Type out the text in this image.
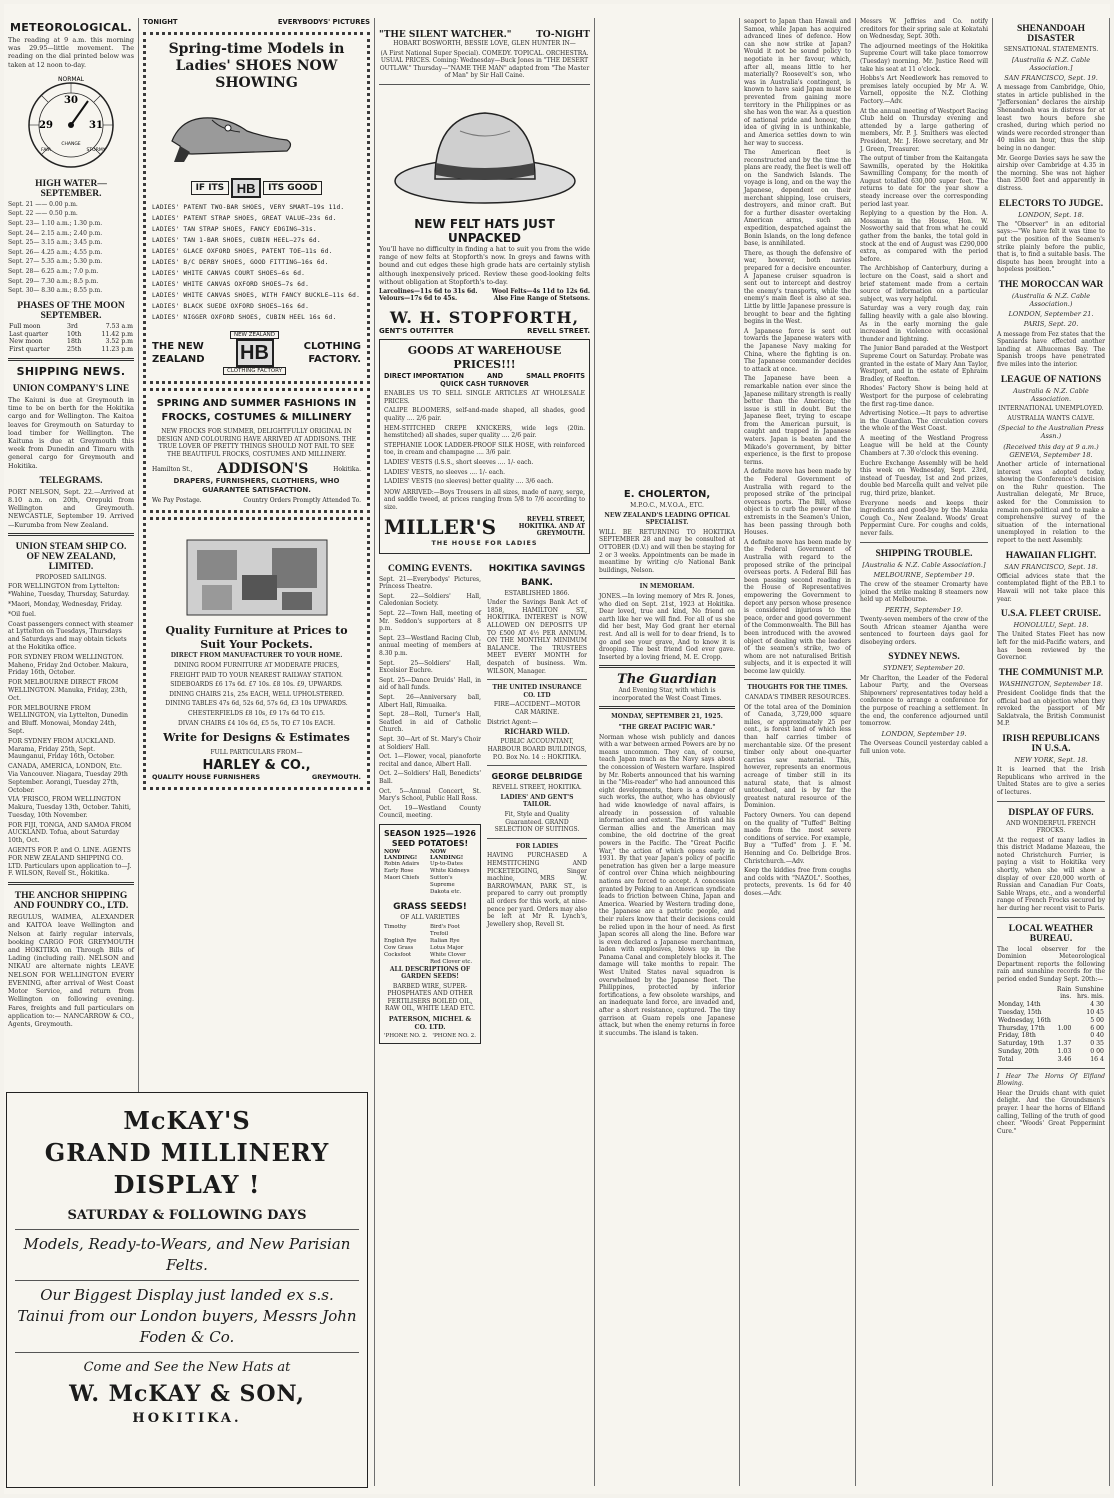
METEOROLOGICAL.

The reading at 9 a.m. this morning was 29.95—little movement. The reading on the dial printed below was taken at 12 noon to-day.

NORMAL
29
30
31
FAIR
CHANGE
STORMY
HIGH WATER—SEPTEMBER.

Sept. 21 —— 0.00 p.m.

Sept. 22 —— 0.50 p.m.

Sept. 23— 1.10 a.m.; 1.30 p.m.

Sept. 24— 2.15 a.m.; 2.40 p.m.

Sept. 25— 3.15 a.m.; 3.45 p.m.

Sept. 26— 4.25 a.m.; 4.55 p.m.

Sept. 27— 5.35 a.m.; 5.30 p.m.

Sept. 28— 6.25 a.m.; 7.0 p.m.

Sept. 29— 7.30 a.m.; 8.5 p.m.

Sept. 30— 8.30 a.m.; 8.55 p.m.

PHASES OF THE MOON SEPTEMBER.
Full moon	3rd	7.53 a.m
Last quarter	10th	11.42 p.m
New moon	18th	3.52 p.m
First quarter	25th	11.23 p.m
SHIPPING NEWS.
UNION COMPANY'S LINE

The Kaiuni is due at Greymouth in time to be on berth for the Hokitika cargo and for Wellington. The Kaitoa leaves for Greymouth on Saturday to load timber for Wellington. The Kaituna is due at Greymouth this week from Dunedin and Timaru with general cargo for Greymouth and Hokitika.

TELEGRAMS.

PORT NELSON, Sept. 22.—Arrived at 8.10 a.m. on 20th, Orepuki from Wellington and Greymouth. NEWCASTLE, September 19. Arrived—Kurumba from New Zealand.

UNION STEAM SHIP CO. OF NEW ZEALAND, LIMITED.

PROPOSED SAILINGS.

FOR WELLINGTON from Lyttelton: *Wahine, Tuesday, Thursday, Saturday.

*Maori, Monday, Wednesday, Friday.

*Oil fuel.

Coast passengers connect with steamer at Lyttelton on Tuesdays, Thursdays and Saturdays and may obtain tickets at the Hokitika office.

FOR SYDNEY FROM WELLINGTON. Maheno, Friday 2nd October. Makura, Friday 16th, October.

FOR MELBOURNE DIRECT FROM WELLINGTON. Manuka, Friday, 23th, Oct.

FOR MELBOURNE FROM WELLINGTON, via Lyttelton, Dunedin and Bluff. Monowai, Monday 24th, Sept.

FOR SYDNEY FROM AUCKLAND. Marama, Friday 25th, Sept. Maunganui, Friday 16th, October.

CANADA, AMERICA, LONDON, Etc. Via Vancouver. Niagara, Tuesday 29th September. Aorangi, Tuesday 27th, October.

VIA 'FRISCO, FROM WELLINGTON Makura, Tuesday 13th, October. Tahiti, Tuesday, 10th November.

FOR FIJI, TONGA, AND SAMOA FROM AUCKLAND. Tofua, about Saturday 10th, Oct.

AGENTS FOR P. and O. LINE. AGENTS FOR NEW ZEALAND SHIPPING CO. LTD. Particulars upon application to—J. F. WILSON, Revell St., Hokitika.

THE ANCHOR SHIPPING AND FOUNDRY CO., LTD.

REGULUS, WAIMEA, ALEXANDER and KAITOA leave Wellington and Nelson at fairly regular intervals, booking CARGO FOR GREYMOUTH and HOKITIKA on Through Bills of Lading (including rail). NELSON and NIKAU are alternate nights LEAVE NELSON FOR WELLINGTON EVERY EVENING, after arrival of West Coast Motor Service, and return from Wellington on following evening. Fares, freights and full particulars on application to:— NANCARROW & CO., Agents, Greymouth.

TONIGHT	EVERYBODYS' PICTURES
Spring-time Models in Ladies' SHOES NOW SHOWING
IF ITS HB	ITS GOOD
LADIES' PATENT TWO-BAR SHOES, VERY SMART—19s 11d.
LADIES' PATENT STRAP SHOES, GREAT VALUE—23s 6d.
LADIES' TAN STRAP SHOES, FANCY EDGING—31s.
LADIES' TAN 1-BAR SHOES, CUBIN HEEL—27s 6d.
LADIES' GLACE OXFORD SHOES, PATENT TOE—11s 6d.
LADIES' B/C DERBY SHOES, GOOD FITTING—16s 6d.
LADIES' WHITE CANVAS COURT SHOES—6s 6d.
LADIES' WHITE CANVAS OXFORD SHOES—7s 6d.
LADIES' WHITE CANVAS SHOES, WITH FANCY BUCKLE—11s 6d.
LADIES' BLACK SUEDE OXFORD SHOES—16s 6d.
LADIES' NIGGER OXFORD SHOES, CUBIN HEEL 16s 6d.
THE NEW ZEALAND
NEW ZEALAND
HB
CLOTHING FACTORY
CLOTHING FACTORY.
SPRING AND SUMMER FASHIONS IN FROCKS, COSTUMES & MILLINERY

NEW FROCKS FOR SUMMER, DELIGHTFULLY ORIGINAL IN DESIGN AND COLOURING HAVE ARRIVED AT ADDISONS. THE TRUE LOVER OF PRETTY THINGS SHOULD NOT FAIL TO SEE THE BEAUTIFUL FROCKS, COSTUMES AND MILLINERY.

Hamilton St., ADDISON'S	Hokitika.

DRAPERS, FURNISHERS, CLOTHIERS, WHO GUARANTEE SATISFACTION.

We Pay Postage.	Country Orders Promptly Attended To.
Quality Furniture at Prices to Suit Your Pockets.

DIRECT FROM MANUFACTURER TO YOUR HOME.

DINING ROOM FURNITURE AT MODERATE PRICES,

FREIGHT PAID TO YOUR NEAREST RAILWAY STATION.

SIDEBOARDS £6 17s 6d. £7 10s. £8 10s. £9, UPWARDS.

DINING CHAIRS 21s, 25s EACH, WELL UPHOLSTERED.

DINING TABLES 47s 6d, 52s 6d, 57s 6d, £3 10s UPWARDS.

CHESTERFIELDS £8 10s, £9 17s 6d TO £15.

DIVAN CHAIRS £4 10s 6d, £5 5s, TO £7 10s EACH.

Write for Designs & Estimates

FULL PARTICULARS FROM—

HARLEY & CO.,
QUALITY HOUSE FURNISHERS	GREYMOUTH.
"THE SILENT WATCHER."	TO-NIGHT

HOBART BOSWORTH, BESSIE LOVE, GLEN HUNTER IN—

(A First National Super Special). COMEDY. TOPICAL. ORCHESTRA. USUAL PRICES. Coming: Wednesday—Buck Jones in "THE DESERT OUTLAW." Thursday—"NAME THE MAN" adapted from "The Master of Man" by Sir Hall Caine.

NEW FELT HATS JUST UNPACKED

You'll have no difficulty in finding a hat to suit you from the wide range of new felts at Stopforth's now. In greys and fawns with bound and cut edges these high grade hats are certainly stylish although inexpensively priced. Review these good-looking felts without obligation at Stopforth's to-day.

Larcolines—11s 6d to 31s 6d. Wool Felts—4s 11d to 12s 6d.
Velours—17s 6d to 45s.	Also Fine Range of Stetsons.
W. H. STOPFORTH,
GENT'S OUTFITTER	REVELL STREET.
GOODS AT WAREHOUSE PRICES!!!
DIRECT IMPORTATION	AND	SMALL PROFITS

QUICK CASH TURNOVER

ENABLES US TO SELL SINGLE ARTICLES AT WHOLESALE PRICES.

CALIPE BLOOMERS, self-and-made shaped, all shades, good quality .... 2/6 pair.

HEM-STITCHED CREPE KNICKERS, wide legs (20in. hemstitched) all shades, super quality .... 2/6 pair.

STEPHANIE LOOK LADDER-PROOF SILK HOSE, with reinforced toe, in cream and champagne .... 3/6 pair.

LADIES' VESTS (l.S.S., short sleeves .... 1/- each.

LADIES' VESTS, no sleeves .... 1/- each.

LADIES' VESTS (no sleeves) better quality .... 3/6 each.

NOW ARRIVED:—Boys Trousers in all sizes, made of navy, serge, and saddle tweed, at prices ranging from 5/8 to 7/6 according to size.

MILLER'S	REVELL STREET, HOKITIKA. AND AT GREYMOUTH.

THE HOUSE FOR LADIES

COMING EVENTS.

Sept. 21—Everybodys' Pictures, Princess Theatre.

Sept. 22—Soldiers' Hall, Caledonian Society.

Sept. 22—Town Hall, meeting of Mr. Seddon's supporters at 8 p.m.

Sept. 23—Westland Racing Club, annual meeting of members at 8.30 p.m.

Sept. 25—Soldiers' Hall, Excelsior Euchre.

Sept. 25—Dance Druids' Hall, in aid of hall funds.

Sept. 26—Anniversary ball, Albert Hall, Rimuaika.

Sept. 28—Roll, Turner's Hall, Seatled in aid of Catholic Church.

Sept. 30—Art of St. Mary's Choir at Soldiers' Hall.

Oct. 1—Flower, vocal, pianoforte recital and dance, Albert Hall.

Oct. 2—Soldiers' Hall, Benedicts' Ball.

Oct. 5—Annual Concert, St. Mary's School, Public Hall Ross.

Oct. 19—Westland County Council, meeting.

SEASON 1925—1926 SEED POTATOES!
NOW LANDING!
NOW LANDING!
Robin Adairs	Up-to-Dates
Early Rose	White Kidneys
Maori Chiefs	Sutton's Supreme
Dakota etc.
GRASS SEEDS!

OF ALL VARIETIES

Timothy	Bird's Foot Trefoil
English Rye	Italian Rye
Cow Grass	Lotus Major
Cocksfoot	White Clover
Red Clover etc.

ALL DESCRIPTIONS OF GARDEN SEEDS!

BARBED WIRE, SUPER-PHOSPHATES AND OTHER FERTILISERS BOILED OIL, RAW OIL, WHITE LEAD ETC.

PATERSON, MICHEL & CO. LTD.

'PHONE NO. 2. 'PHONE NO. 2.
HOKITIKA SAVINGS BANK.

ESTABLISHED 1866.

Under the Savings Bank Act of 1858, HAMILTON ST., HOKITIKA. INTEREST is NOW ALLOWED ON DEPOSITS UP TO £500 AT 4½ PER ANNUM. ON THE MONTHLY MINIMUM BALANCE. The TRUSTEES MEET EVERY MONTH for despatch of business. Wm. WILSON, Manager.

THE UNITED INSURANCE CO. LTD

FIRE—ACCIDENT—MOTOR CAR MARINE.

District Agent:—

RICHARD WILD.

PUBLIC ACCOUNTANT, HARBOUR BOARD BUILDINGS, P.O. Box No. 14 :: HOKITIKA.

GEORGE DELBRIDGE

REVELL STREET, HOKITIKA.

LADIES' AND GENT'S TAILOR.

Fit, Style and Quality Guaranteed. GRAND SELECTION OF SUITINGS.

FOR LADIES

HAVING PURCHASED A HEMSTITCHING AND PICKETEDGING, Singer machine, MRS W. BARROWMAN, PARK ST., is prepared to carry out promptly all orders for this work, at nine-pence per yard. Orders may also be left at Mr R. Lynch's, Jewellery shop, Revell St.

E. CHOLERTON,

M.P.O.C., M.V.O.A., ETC.

NEW ZEALAND'S LEADING OPTICAL SPECIALIST.

WILL BE RETURNING TO HOKITIKA SEPTEMBER 28 and may be consulted at OTTOBER (D.V.) and will then be staying for 2 or 3 weeks. Appointments can be made in meantime by writing c/o National Bank buildings, Nelson.

IN MEMORIAM.

JONES.—In loving memory of Mrs R. Jones, who died on Sept. 21st, 1923 at Hokitika. Dear loved, true and kind, No friend on earth like her we will find. For all of us she did her best, May God grant her eternal rest. And all is well for to dear friend, Is to go and see your grave, And to know it is drooping. The best friend God ever gave. Inserted by a loving friend, M. E. Cropp.

The Guardian

And Evening Star, with which is incorporated the West Coast Times.

MONDAY, SEPTEMBER 21, 1925.

"THE GREAT PACIFIC WAR."

Norman whose wish publicly and dances with a war between armed Powers are by no means uncommon. They can, of course, teach Japan much as the Navy says about the concession of Western warfare. Inspired by Mr. Roberts announced that his warning in the "Mis-reader" who had announced this eight developments, there is a danger of such works, the author, who has obviously had wide knowledge of naval affairs, is already in possession of valuable information and extent. The British and his German allies and the American may combine, the old doctrine of the great powers in the Pacific. The "Great Pacific War," the action of which opens early in 1931. By that year Japan's policy of pacific penetration has given her a large measure of control over China which neighbouring nations are forced to accept. A concession granted by Peking to an American syndicate leads to friction between China, Japan and America. Wearied by Western trading done, the Japanese are a patriotic people, and their rulers know that their decisions could be relied upon in the hour of need. As first Japan scores all along the line. Before war is even declared a Japanese merchantman, laden with explosives, blows up in the Panama Canal and completely blocks it. The damage will take months to repair. The West United States naval squadron is overwhelmed by the Japanese fleet. The Philippines, protected by inferior fortifications, a few obsolete warships, and an inadequate land force, are invaded and, after a short resistance, captured. The tiny garrison at Guam repels one Japanese attack, but when the enemy returns in force it succumbs. The island is taken.

seaport to Japan than Hawaii and Samoa, while Japan has acquired advanced lines of defence. How can she now strike at Japan? Would it not be sound policy to negotiate in her favour, which, after all, means little to her materially? Roosevelt's son, who was in Australia's contingent, is known to have said Japan must be prevented from gaining more territory in the Philippines or as she has won the war. As a question of national pride and honour, the idea of giving in is unthinkable, and America settles down to win her way to success.

The American fleet is reconstructed and by the time the plans are ready, the fleet is well off on the Sandwich Islands. The voyage is long, and on the way the Japanese, dependent on their merchant shipping, lose cruisers, destroyers, and minor craft. But for a further disaster overtaking American arms, such an expedition, despatched against the Bonin Islands, on the long defence base, is annihilated.

There, as though the defensive of war, however, both navies prepared for a decisive encounter. A Japanese cruiser squadron is sent out to intercept and destroy the enemy's transports, while the enemy's main fleet is also at sea. Little by little Japanese pressure is brought to bear and the fighting begins in the West.

A Japanese force is sent out towards the Japanese waters with the Japanese Navy making for China, where the fighting is on. The Japanese commander decides to attack at once.

The Japanese have been a remarkable nation ever since the Japanese military strength is really better than the American; the issue is still in doubt. But the Japanese fleet, trying to escape from the American pursuit, is caught and trapped in Japanese waters. Japan is beaten and the Mikado's government, by bitter experience, is the first to propose terms.

A definite move has been made by the Federal Government of Australia with regard to the proposed strike of the principal overseas ports. The Bill, whose object is to curb the power of the extremists in the Seamen's Union, has been passing through both Houses.

A definite move has been made by the Federal Government of Australia with regard to the proposed strike of the principal overseas ports. A Federal Bill has been passing second reading in the House of Representatives empowering the Government to deport any person whose presence is considered injurious to the peace, order and good government of the Commonwealth. The Bill has been introduced with the avowed object of dealing with the leaders of the seamen's strike, two of whom are not naturalised British subjects, and it is expected it will become law quickly.

THOUGHTS FOR THE TIMES.

CANADA'S TIMBER RESOURCES.

Of the total area of the Dominion of Canada, 3,729,000 square miles, or approximately 25 per cent., is forest land of which less than half carries timber of merchantable size. Of the present timber only about one-quarter carries saw material. This, however, represents an enormous acreage of timber still in its natural state, that is almost untouched, and is by far the greatest natural resource of the Dominion.

Factory Owners. You can depend on the quality of "Tuffed" Belting made from the most severe conditions of service. For example, Buy a "Tuffed" from J. F. M. Henning and Co. Delbridge Bros. Christchurch.—Adv.

Keep the kiddies free from coughs and colds with "NAZOL". Soothes, protects, prevents. 1s 6d for 40 doses.—Adv.

Messrs W. Jeffries and Co. notify creditors for their spring sale at Kokatahi on Wednesday, Sept. 30th.

The adjourned meetings of the Hokitika Supreme Court will take place tomorrow (Tuesday) morning. Mr. Justice Reed will take his seat at 11 o'clock.

Hobbs's Art Needlework has removed to premises lately occupied by Mr A. W. Varnell, opposite the N.Z. Clothing Factory.—Adv.

At the annual meeting of Westport Racing Club held on Thursday evening and attended by a large gathering of members, Mr. P. J. Smithers was elected President, Mr. J. Howe secretary, and Mr J. Green, Treasurer.

The output of timber from the Kaitangata Sawmills, operated by the Hokitika Sawmilling Company, for the month of August totalled 630,000 super feet. The returns to date for the year show a steady increase over the corresponding period last year.

Replying to a question by the Hon. A. Mossman in the House, Hon. W. Nosworthy said that from what he could gather from the banks, the total gold in stock at the end of August was £290,000 extra, as compared with the period before.

The Archbishop of Canterbury, during a lecture on the Coast, said a short and brief statement made from a certain source of information on a particular subject, was very helpful.

Saturday was a very rough day, rain falling heavily with a gale also blowing. As in the early morning the gale increased in violence with occasional thunder and lightning.

The Junior Band paraded at the Westport Supreme Court on Saturday. Probate was granted in the estate of Mary Ann Taylor, Westport, and in the estate of Ephraim Bradley, of Reefton.

Rhodes' Factory Show is being held at Westport for the purpose of celebrating the first rag-time dance.

Advertising Notice.—It pays to advertise in the Guardian. The circulation covers the whole of the West Coast.

A meeting of the Westland Progress League will be held at the County Chambers at 7.30 o'clock this evening.

Euchre Exchange Assembly will be held this week on Wednesday, Sept. 23rd, instead of Tuesday, 1st and 2nd prizes, double bed Marcella quilt and velvet pile rug, third prize, blanket.

Everyone needs and keeps their ingredients and good-bye by the Manuka Cough Co., New Zealand. Woods' Great Peppermint Cure. For coughs and colds, never fails.

SHIPPING TROUBLE.

[Australia & N.Z. Cable Association.]

MELBOURNE, September 19.

The crew of the steamer Cromarty have joined the strike making 8 steamers now held up at Melbourne.

PERTH, September 19.

Twenty-seven members of the crew of the South African steamer Ajantha were sentenced to fourteen days gaol for disobeying orders.

SYDNEY NEWS.

SYDNEY, September 20.

Mr Charlton, the Leader of the Federal Labour Party, and the Overseas Shipowners' representatives today held a conference to arrange a conference for the purpose of reaching a settlement. In the end, the conference adjourned until tomorrow.

LONDON, September 19.

The Overseas Council yesterday cabled a full union vote.

SHENANDOAH DISASTER

SENSATIONAL STATEMENTS.

[Australia & N.Z. Cable Association.]

SAN FRANCISCO, Sept. 19.

A message from Cambridge, Ohio, states in article published in the "Jeffersonian" declares the airship Shenandoah was in distress for at least two hours before she crashed, during which period no winds were recorded stronger than 40 miles an hour, thus the ship being in no danger.

Mr. George Davies says he saw the airship over Cambridge at 4.35 in the morning. She was not higher than 2500 feet and apparently in distress.

ELECTORS TO JUDGE.

LONDON, Sept. 18.

The "Observer" in an editorial says:—"We have felt it was time to put the position of the Seamen's strike plainly before the public, that is, to find a suitable basis. The dispute has been brought into a hopeless position."

THE MOROCCAN WAR

(Australia & N.Z. Cable Association.)

LONDON, September 21.

PARIS, Sept. 20.

A message from Fez states that the Spaniards have effected another landing at Alhucemas Bay. The Spanish troops have penetrated five miles into the interior.

LEAGUE OF NATIONS

Australia & N.Z. Cable Association.

INTERNATIONAL UNEMPLOYED.

AUSTRALIA WANTS CALVE.

(Special to the Australian Press Assn.)

(Received this day at 9 a.m.) GENEVA, September 18.

Another article of international interest was adopted today, showing the Conference's decision on the Ruhr question. The Australian delegate, Mr Bruce, asked for the Commission to remain non-political and to make a comprehensive survey of the situation of the international unemployed in relation to the report to the next Assembly.

HAWAIIAN FLIGHT.

SAN FRANCISCO, Sept. 18.

Official advices state that the contemplated flight of the P.B.1 to Hawaii will not take place this year.

U.S.A. FLEET CRUISE.

HONOLULU, Sept. 18.

The United States Fleet has now left for the mid-Pacific waters, and has been reviewed by the Governor.

THE COMMUNIST M.P.

WASHINGTON, September 18.

President Coolidge finds that the official bad an objection when they revoked the passport of Mr Saklatvala, the British Communist M.P.

IRISH REPUBLICANS IN U.S.A.

NEW YORK, Sept. 18.

It is learned that the Irish Republicans who arrived in the United States are to give a series of lectures.

DISPLAY OF FURS.

AND WONDERFUL FRENCH FROCKS.

At the request of many ladies in this district Madame Mazeau, the noted Christchurch Furrier, is paying a visit to Hokitika very shortly, when she will show a display of over £20,000 worth of Russian and Canadian Fur Coats, Sable Wraps, etc., and a wonderful range of French Frocks secured by her during her recent visit to Paris.

LOCAL WEATHER BUREAU.

The local observer for the Dominion Meteorological Department reports the following rain and sunshine records for the period ended Sunday Sept. 20th:—

	Rain	Sunshine
	ins.	hrs. mis.
Monday, 14th		4 30
Tuesday, 15th		10 45
Wednesday, 16th		5 00
Thursday, 17th	1.00	6 00
Friday, 18th		0 40
Saturday, 19th	1.37	0 35
Sunday, 20th	1.03	0 00
Total	3.46	16 4

I Hear The Horns Of Elfland Blowing.

Hear the Druids chant with quiet delight. And the Groundsmen's prayer. I hear the horns of Elfland calling, Telling of the truth of good cheer. "Woods' Great Peppermint Cure."

McKAY'S
GRAND MILLINERY
DISPLAY !
SATURDAY & FOLLOWING DAYS
Models, Ready-to-Wears, and New Parisian Felts.
Our Biggest Display just landed ex s.s. Tainui from our London buyers, Messrs John Foden & Co.
Come and See the New Hats at
W. McKAY & SON,
HOKITIKA.
